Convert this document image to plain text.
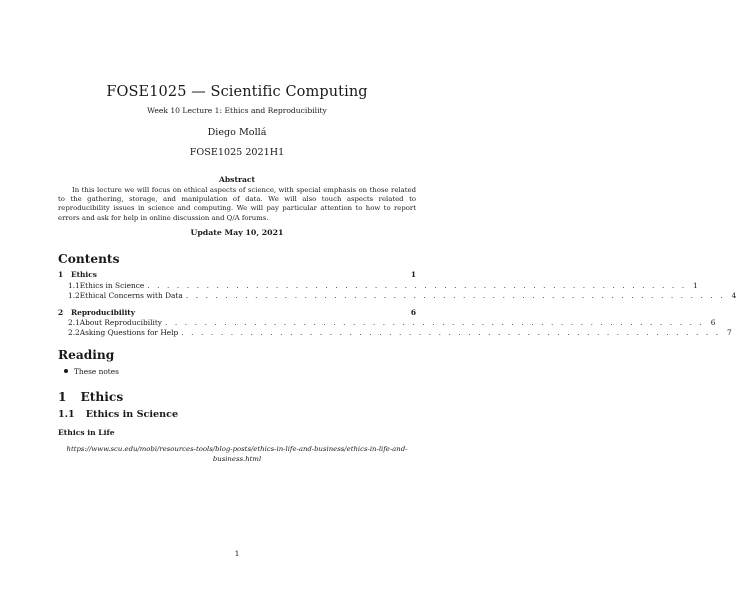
FOSE1025 — Scientific Computing
Week 10 Lecture 1: Ethics and Reproducibility
Diego Mollá
FOSE1025 2021H1
Abstract
In this lecture we will focus on ethical aspects of science, with special emphasis on those related to the gathering, storage, and manipulation of data. We will also touch aspects related to reproducibility issues in science and computing. We will pay particular attention to how to report errors and ask for help in online discussion and Q/A forums.
Update May 10, 2021
Contents
1	Ethics	1
1.1 Ethics in Science . . . . . . . . . . . . . . . . . . . . . . . . . . . . . . . . . . . . . . . . . . . . . . . . . . . . . . . 1
1.2 Ethical Concerns with Data . . . . . . . . . . . . . . . . . . . . . . . . . . . . . . . . . . . . . . . . . . . . . . . . . . . . . . . 4
2	Reproducibility	6
2.1 About Reproducibility . . . . . . . . . . . . . . . . . . . . . . . . . . . . . . . . . . . . . . . . . . . . . . . . . . . . . . . 6
2.2 Asking Questions for Help . . . . . . . . . . . . . . . . . . . . . . . . . . . . . . . . . . . . . . . . . . . . . . . . . . . . . . . 7
Reading
These notes
1 Ethics
1.1 Ethics in Science
Ethics in Life
https://www.scu.edu/mobi/resources-tools/blog-posts/ethics-in-life-and-business/ethics-in-life-and-business.html
1
